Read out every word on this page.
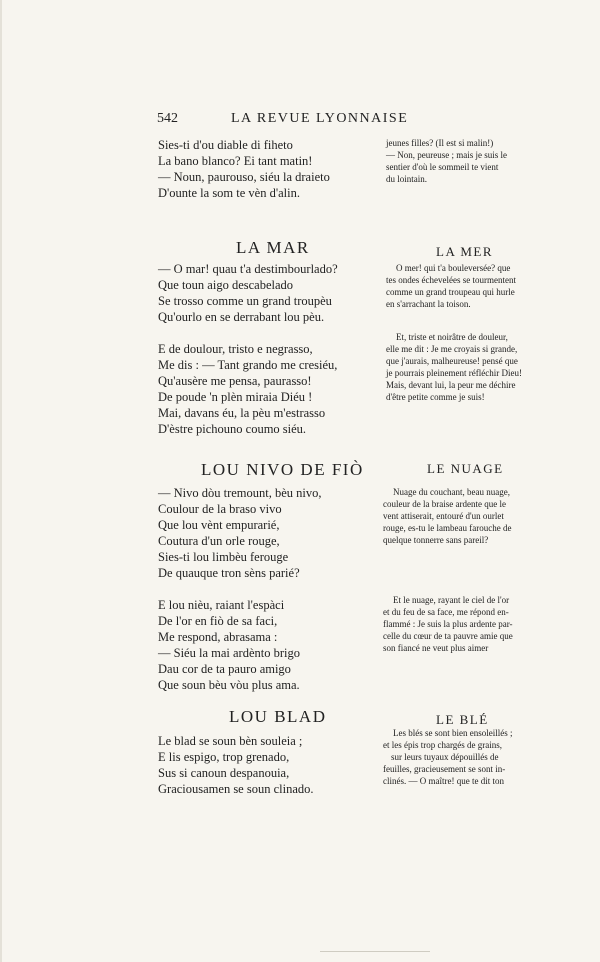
542	LA REVUE LYONNAISE
Sies-ti d'ou diable di fiheto
La bano blanco? Ei tant matin!
— Noun, paurouso, siéu la draieto
D'ounte la som te vèn d'alin.
jeunes filles? (Il est si malin!)
— Non, peureuse ; mais je suis le
sentier d'où le sommeil te vient
du lointain.
LA MAR	LA MER
— O mar! quau t'a destimbourlado?
Que toun aigo descabelado
Se trosso comme un grand troupèu
Qu'ourlo en se derrabant lou pèu.
E de doulour, tristo e negrasso,
Me dis : — Tant grando me cresiéu,
Qu'ausère me pensa, paurasso!
De poude 'n plèn miraia Diéu !
Mai, davans éu, la pèu m'estrasso
D'èstre pichouno coumo siéu.
O mer! qui t'a bouleversée? que
tes ondes échevelées se tourmentent
comme un grand troupeau qui hurle
en s'arrachant la toison.
Et, triste et noirâtre de douleur,
elle me dit : Je me croyais si grande,
que j'aurais, malheureuse! pensé que
je pourrais pleinement réfléchir Dieu!
Mais, devant lui, la peur me déchire
d'être petite comme je suis!
LOU NIVO DE FIÒ	LE NUAGE
— Nivo dòu tremount, bèu nivo,
Coulour de la braso vivo
Que lou vènt empurarié,
Coutura d'un orle rouge,
Sies-ti lou limbèu ferouge
De quauque tron sèns parié?
E lou nièu, raiant l'espàci
De l'or en fiò de sa faci,
Me respond, abrasama :
— Siéu la mai ardènto brigo
Dau cor de ta pauro amigo
Que soun bèu vòu plus ama.
Nuage du couchant, beau nuage,
couleur de la braise ardente que le
vent attiserait, entouré d'un ourlet
rouge, es-tu le lambeau farouche de
quelque tonnerre sans pareil?
Et le nuage, rayant le ciel de l'or
et du feu de sa face, me répond en-
flammé : Je suis la plus ardente par-
celle du cœur de ta pauvre amie que
son fiancé ne veut plus aimer
LOU BLAD	LE BLÉ
Le blad se soun bèn souleia ;
E lis espigo, trop grenado,
Sus si canoun despanouia,
Graciousamen se soun clinado.
Les blés se sont bien ensoleillés ;
et les épis trop chargés de grains,
sur leurs tuyaux dépouillés de
feuilles, gracieusement se sont in-
clinés. — O maître! que te dit ton
